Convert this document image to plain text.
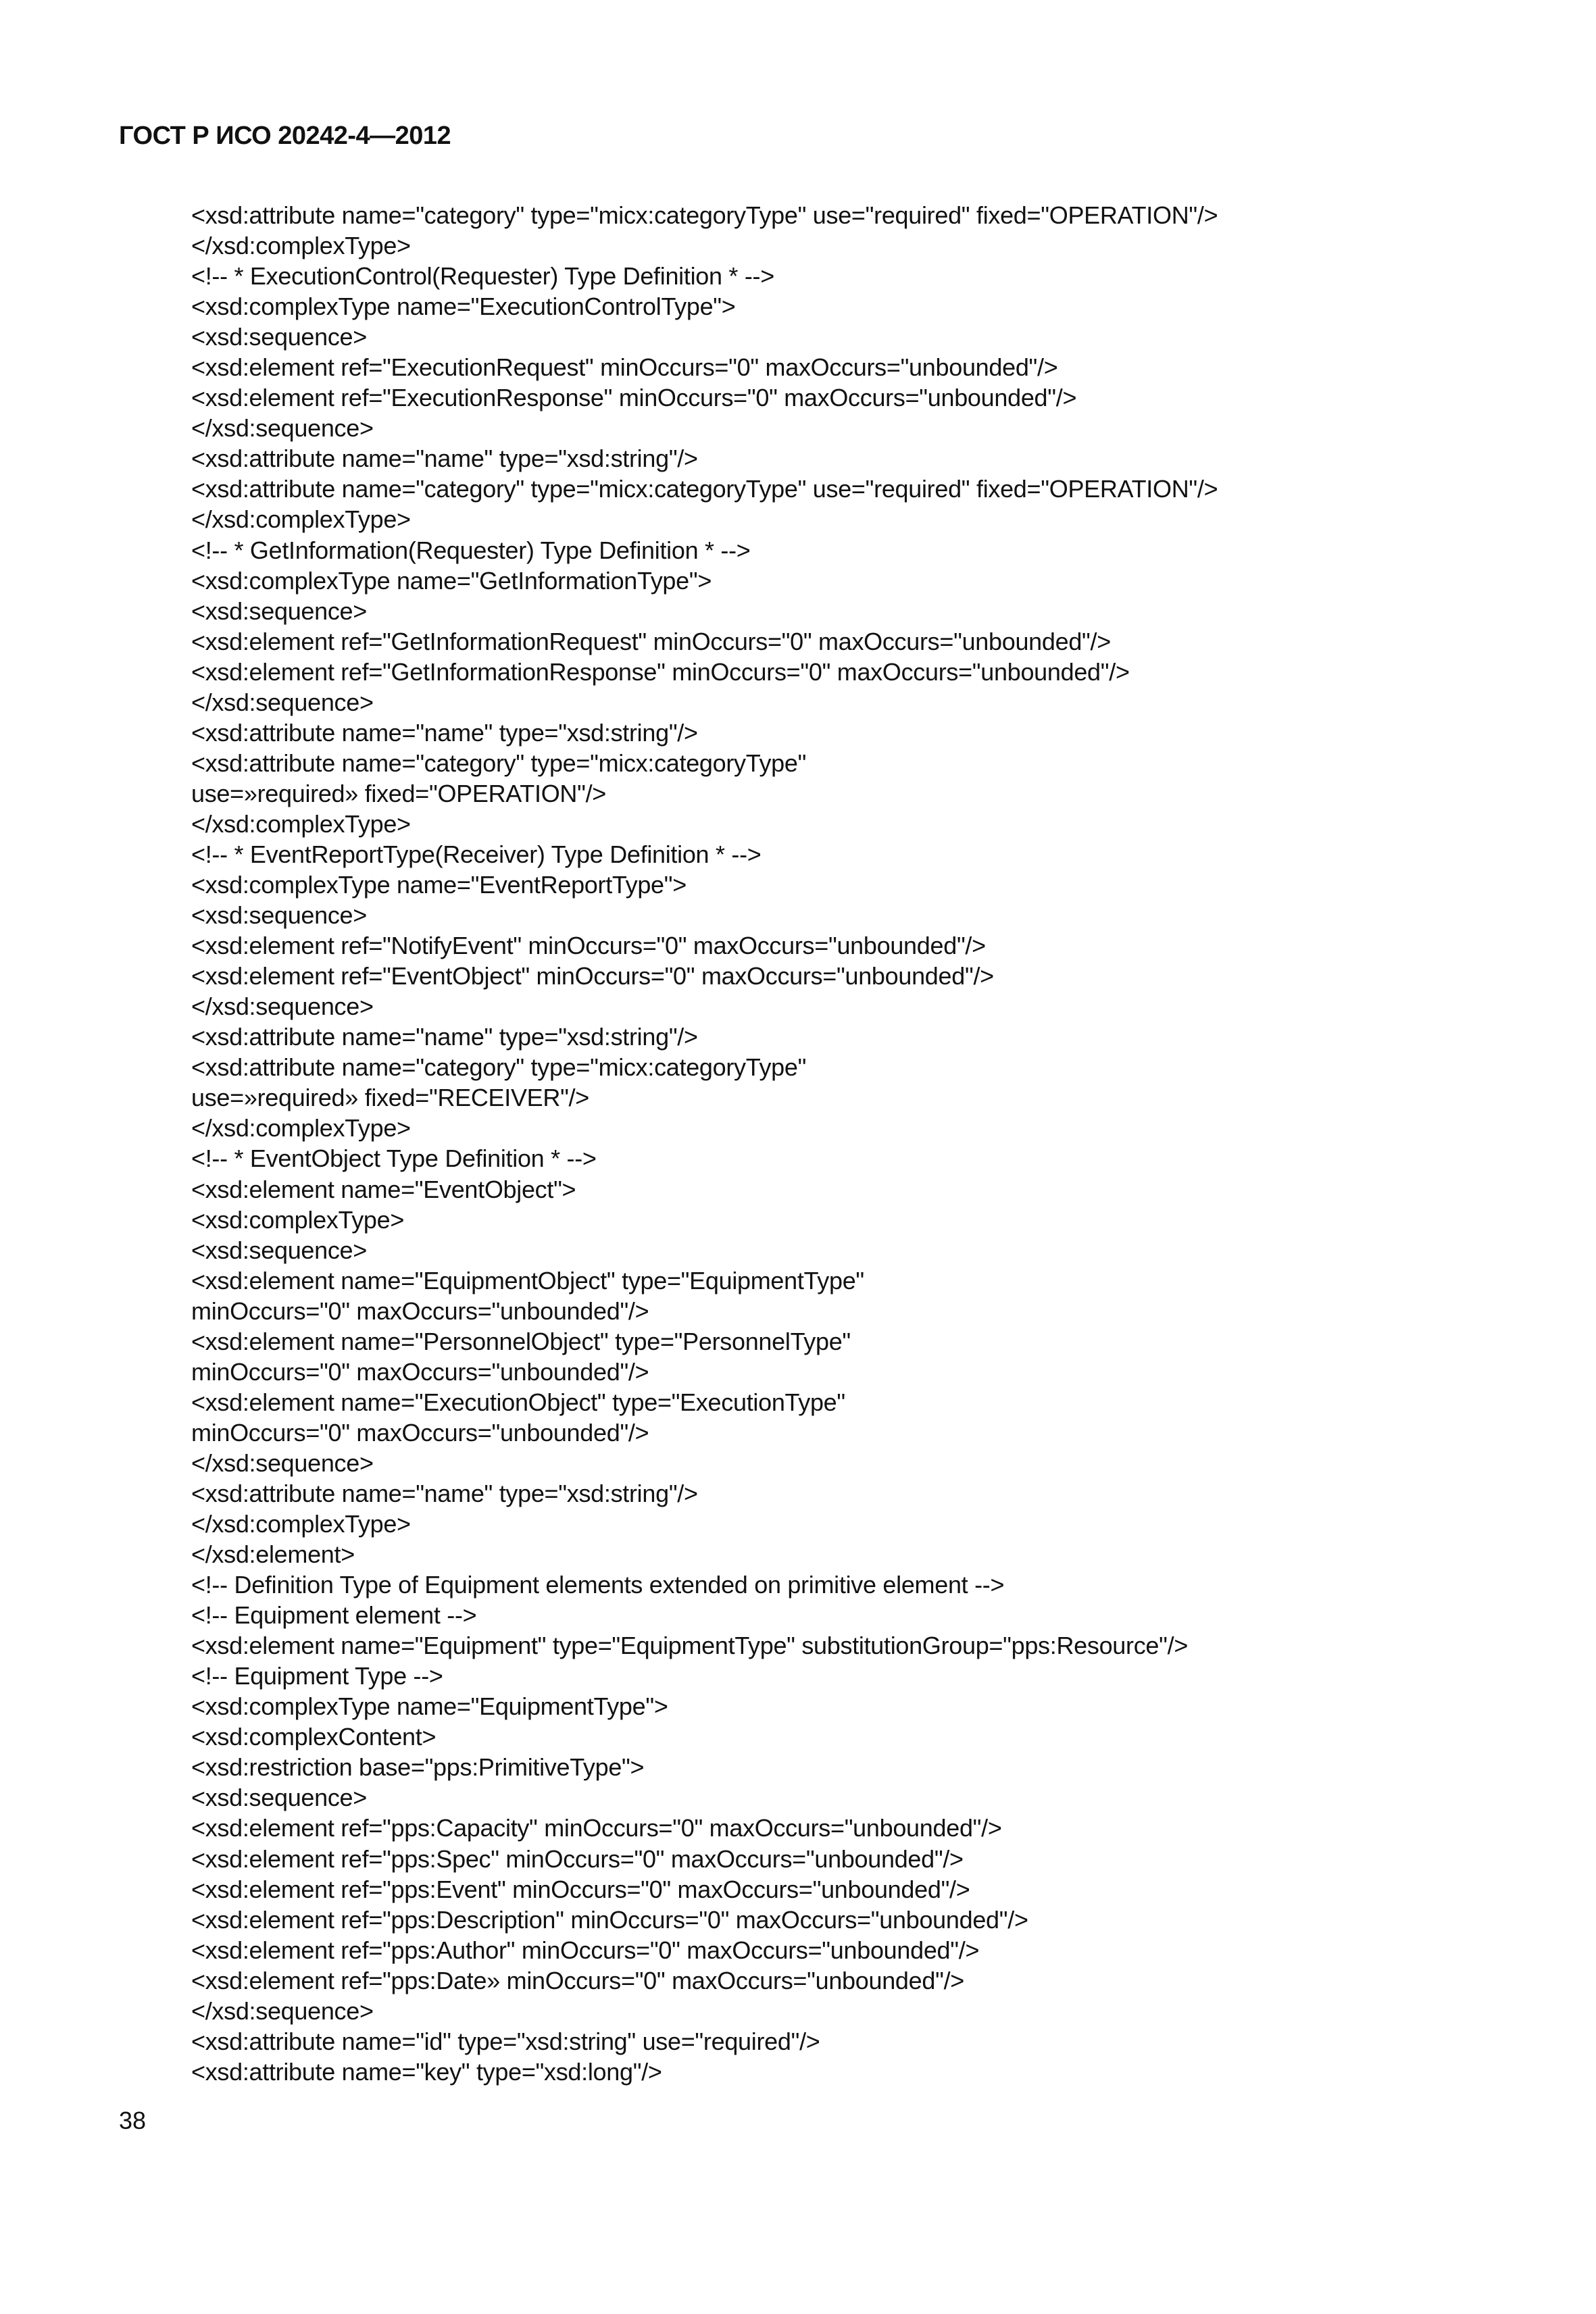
ГОСТ Р ИСО 20242-4—2012
<xsd:attribute name="category" type="micx:categoryType" use="required" fixed="OPERATION"/>
</xsd:complexType>
<!-- * ExecutionControl(Requester) Type Definition * -->
<xsd:complexType name="ExecutionControlType">
<xsd:sequence>
<xsd:element ref="ExecutionRequest" minOccurs="0" maxOccurs="unbounded"/>
<xsd:element ref="ExecutionResponse" minOccurs="0" maxOccurs="unbounded"/>
</xsd:sequence>
<xsd:attribute name="name" type="xsd:string"/>
<xsd:attribute name="category" type="micx:categoryType" use="required" fixed="OPERATION"/>
</xsd:complexType>
<!-- * GetInformation(Requester) Type Definition * -->
<xsd:complexType name="GetInformationType">
<xsd:sequence>
<xsd:element ref="GetInformationRequest" minOccurs="0" maxOccurs="unbounded"/>
<xsd:element ref="GetInformationResponse" minOccurs="0" maxOccurs="unbounded"/>
</xsd:sequence>
<xsd:attribute name="name" type="xsd:string"/>
<xsd:attribute name="category" type="micx:categoryType"
use=»required» fixed="OPERATION"/>
</xsd:complexType>
<!-- * EventReportType(Receiver) Type Definition * -->
<xsd:complexType name="EventReportType">
<xsd:sequence>
<xsd:element ref="NotifyEvent" minOccurs="0" maxOccurs="unbounded"/>
<xsd:element ref="EventObject" minOccurs="0" maxOccurs="unbounded"/>
</xsd:sequence>
<xsd:attribute name="name" type="xsd:string"/>
<xsd:attribute name="category" type="micx:categoryType"
use=»required» fixed="RECEIVER"/>
</xsd:complexType>
<!-- * EventObject Type Definition * -->
<xsd:element name="EventObject">
<xsd:complexType>
<xsd:sequence>
<xsd:element name="EquipmentObject" type="EquipmentType"
minOccurs="0" maxOccurs="unbounded"/>
<xsd:element name="PersonnelObject" type="PersonnelType"
minOccurs="0" maxOccurs="unbounded"/>
<xsd:element name="ExecutionObject" type="ExecutionType"
minOccurs="0" maxOccurs="unbounded"/>
</xsd:sequence>
<xsd:attribute name="name" type="xsd:string"/>
</xsd:complexType>
</xsd:element>
<!-- Definition Type of Equipment elements extended on primitive element -->
<!-- Equipment element -->
<xsd:element name="Equipment" type="EquipmentType" substitutionGroup="pps:Resource"/>
<!-- Equipment Type -->
<xsd:complexType name="EquipmentType">
<xsd:complexContent>
<xsd:restriction base="pps:PrimitiveType">
<xsd:sequence>
<xsd:element ref="pps:Capacity" minOccurs="0" maxOccurs="unbounded"/>
<xsd:element ref="pps:Spec" minOccurs="0" maxOccurs="unbounded"/>
<xsd:element ref="pps:Event" minOccurs="0" maxOccurs="unbounded"/>
<xsd:element ref="pps:Description" minOccurs="0" maxOccurs="unbounded"/>
<xsd:element ref="pps:Author" minOccurs="0" maxOccurs="unbounded"/>
<xsd:element ref="pps:Date» minOccurs="0" maxOccurs="unbounded"/>
</xsd:sequence>
<xsd:attribute name="id" type="xsd:string" use="required"/>
<xsd:attribute name="key" type="xsd:long"/>
38
